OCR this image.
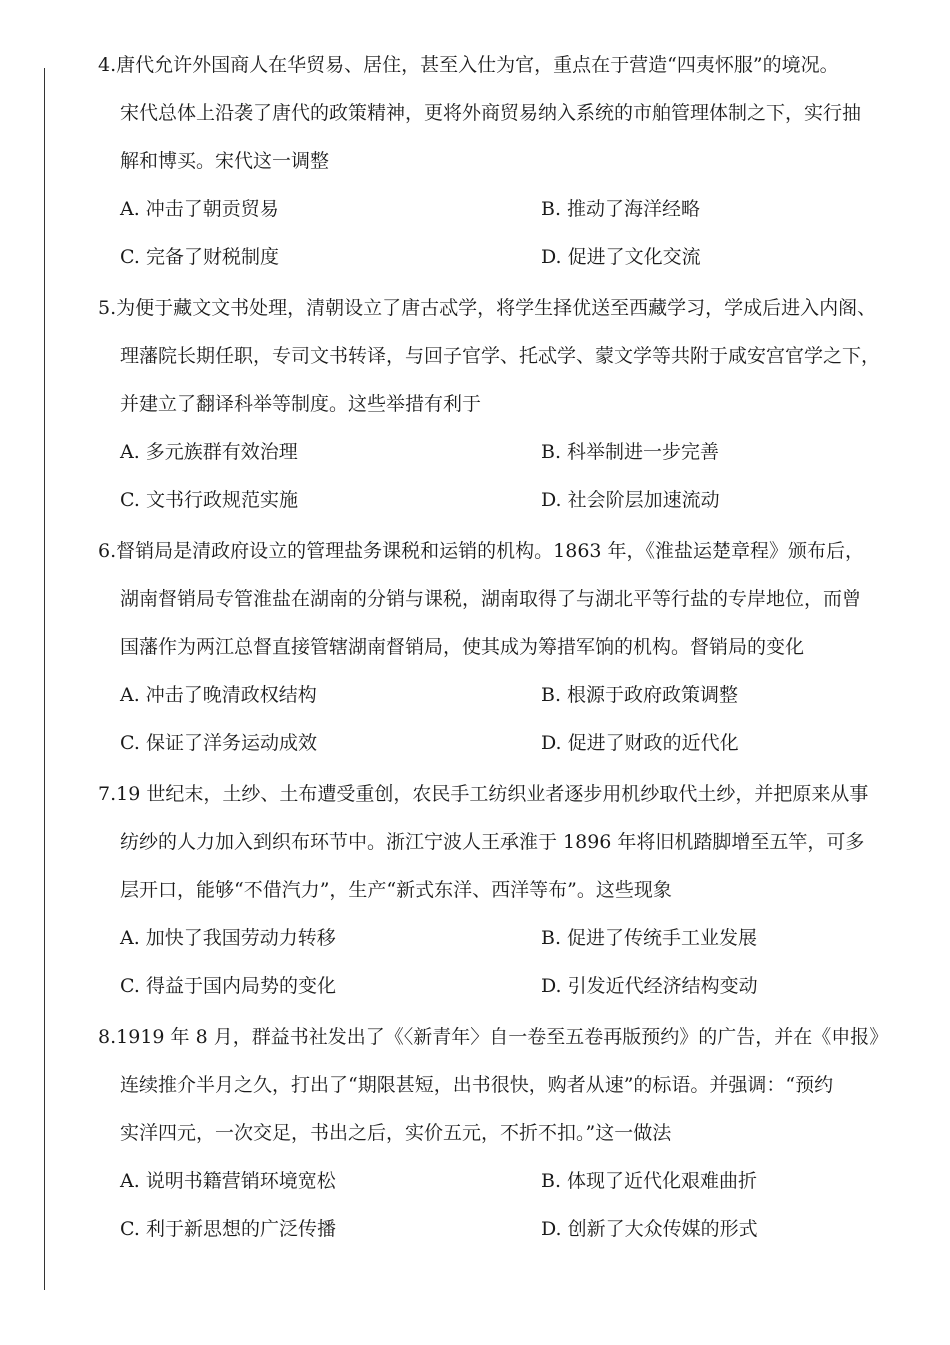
4.唐代允许外国商人在华贸易、居住，甚至入仕为官，重点在于营造“四夷怀服”的境况。
宋代总体上沿袭了唐代的政策精神，更将外商贸易纳入系统的市舶管理体制之下，实行抽
解和博买。宋代这一调整
A. 冲击了朝贡贸易	B. 推动了海洋经略
C. 完备了财税制度	D. 促进了文化交流
5.为便于藏文文书处理，清朝设立了唐古忒学，将学生择优送至西藏学习，学成后进入内阁、
理藩院长期任职，专司文书转译，与回子官学、托忒学、蒙文学等共附于咸安宫官学之下，
并建立了翻译科举等制度。这些举措有利于
A. 多元族群有效治理	B. 科举制进一步完善
C. 文书行政规范实施	D. 社会阶层加速流动
6.督销局是清政府设立的管理盐务课税和运销的机构。1863 年，《淮盐运楚章程》颁布后，
湖南督销局专管淮盐在湖南的分销与课税，湖南取得了与湖北平等行盐的专岸地位，而曾
国藩作为两江总督直接管辖湖南督销局，使其成为筹措军饷的机构。督销局的变化
A. 冲击了晚清政权结构	B. 根源于政府政策调整
C. 保证了洋务运动成效	D. 促进了财政的近代化
7.19 世纪末，土纱、土布遭受重创，农民手工纺织业者逐步用机纱取代土纱，并把原来从事
纺纱的人力加入到织布环节中。浙江宁波人王承淮于 1896 年将旧机踏脚增至五竿，可多
层开口，能够“不借汽力”，生产“新式东洋、西洋等布”。这些现象
A. 加快了我国劳动力转移	B. 促进了传统手工业发展
C. 得益于国内局势的变化	D. 引发近代经济结构变动
8.1919 年 8 月，群益书社发出了《〈新青年〉自一卷至五卷再版预约》的广告，并在《申报》
连续推介半月之久，打出了“期限甚短，出书很快，购者从速”的标语。并强调：“预约
实洋四元，一次交足，书出之后，实价五元，不折不扣。”这一做法
A. 说明书籍营销环境宽松	B. 体现了近代化艰难曲折
C. 利于新思想的广泛传播	D. 创新了大众传媒的形式
